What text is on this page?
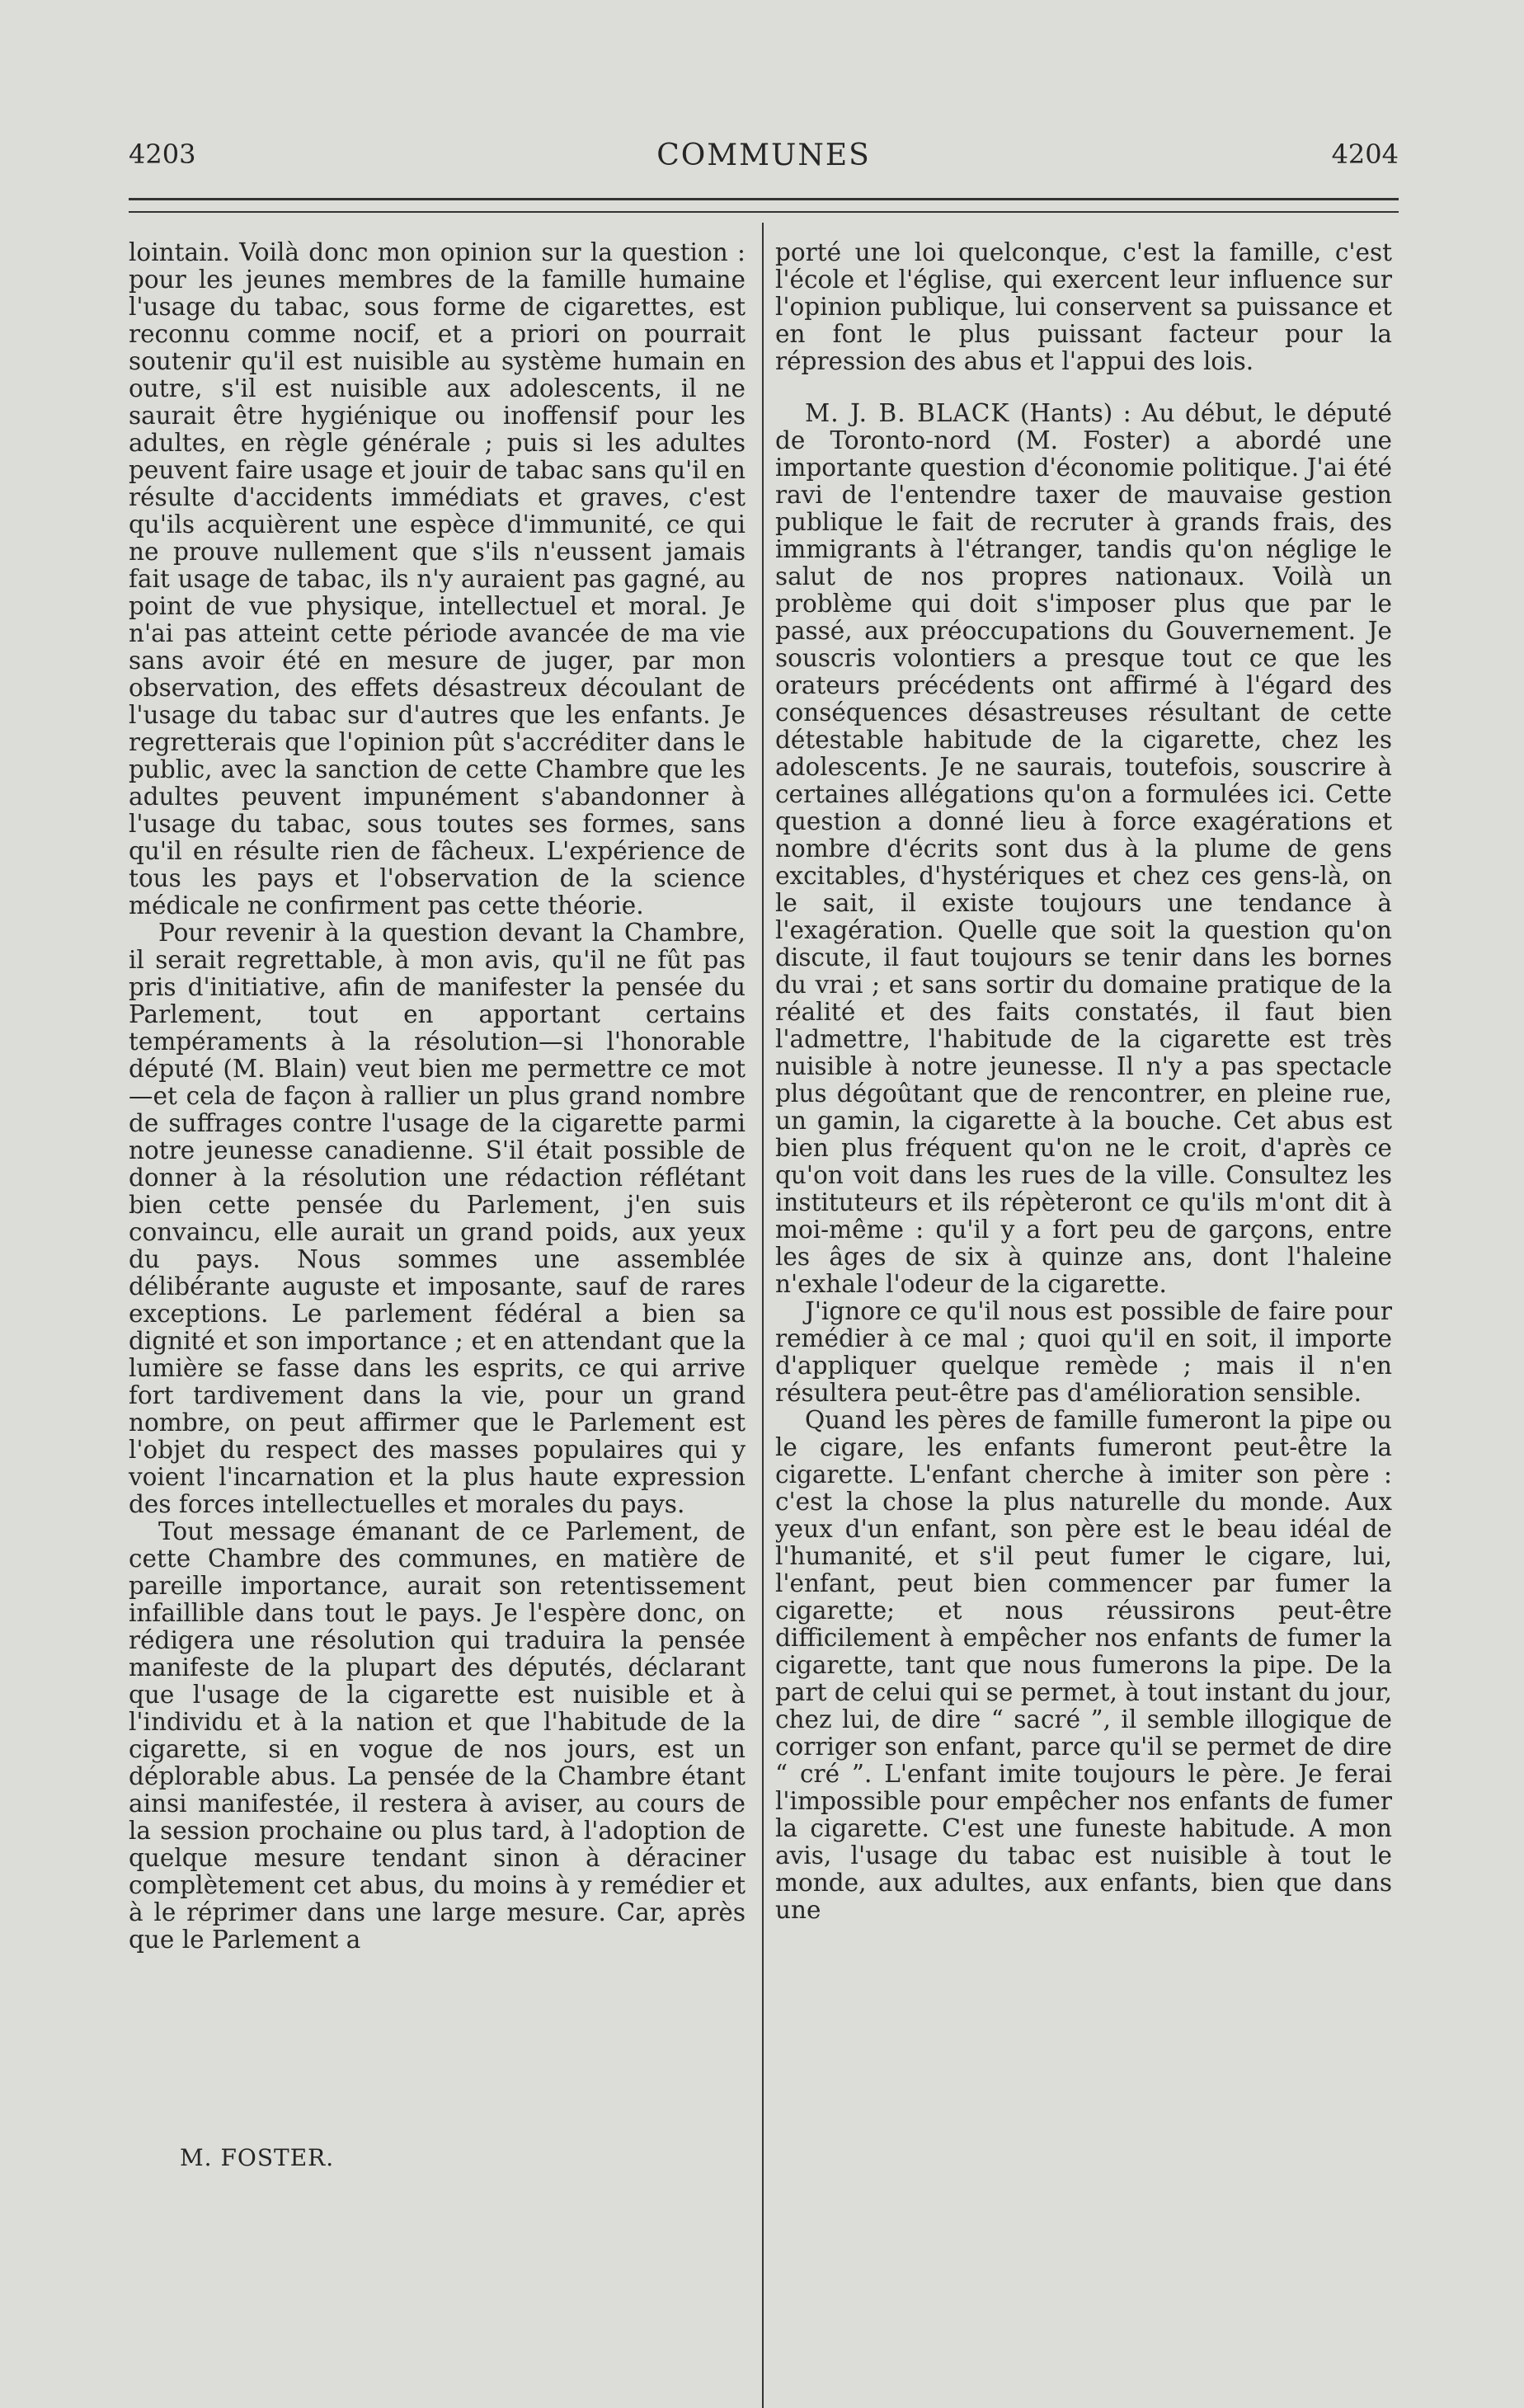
4203	COMMUNES	4204

lointain. Voilà donc mon opinion sur la question : pour les jeunes membres de la famille humaine l'usage du tabac, sous forme de cigarettes, est reconnu comme nocif, et a priori on pourrait soutenir qu'il est nuisible au système humain en outre, s'il est nuisible aux adolescents, il ne saurait être hygiénique ou inoffensif pour les adultes, en règle générale ; puis si les adultes peuvent faire usage et jouir de tabac sans qu'il en résulte d'accidents immédiats et graves, c'est qu'ils acquièrent une espèce d'immunité, ce qui ne prouve nullement que s'ils n'eussent jamais fait usage de tabac, ils n'y auraient pas gagné, au point de vue physique, intellectuel et moral. Je n'ai pas atteint cette période avancée de ma vie sans avoir été en mesure de juger, par mon observation, des effets désastreux découlant de l'usage du tabac sur d'autres que les enfants. Je regretterais que l'opinion pût s'accréditer dans le public, avec la sanction de cette Chambre que les adultes peuvent impunément s'abandonner à l'usage du tabac, sous toutes ses formes, sans qu'il en résulte rien de fâcheux. L'expérience de tous les pays et l'observation de la science médicale ne confirment pas cette théorie.

Pour revenir à la question devant la Chambre, il serait regrettable, à mon avis, qu'il ne fût pas pris d'initiative, afin de manifester la pensée du Parlement, tout en apportant certains tempéraments à la résolution—si l'honorable député (M. Blain) veut bien me permettre ce mot—et cela de façon à rallier un plus grand nombre de suffrages contre l'usage de la cigarette parmi notre jeunesse canadienne. S'il était possible de donner à la résolution une rédaction réflétant bien cette pensée du Parlement, j'en suis convaincu, elle aurait un grand poids, aux yeux du pays. Nous sommes une assemblée délibérante auguste et imposante, sauf de rares exceptions. Le parlement fédéral a bien sa dignité et son importance ; et en attendant que la lumière se fasse dans les esprits, ce qui arrive fort tardivement dans la vie, pour un grand nombre, on peut affirmer que le Parlement est l'objet du respect des masses populaires qui y voient l'incarnation et la plus haute expression des forces intellectuelles et morales du pays.

Tout message émanant de ce Parlement, de cette Chambre des communes, en matière de pareille importance, aurait son retentissement infaillible dans tout le pays. Je l'espère donc, on rédigera une résolution qui traduira la pensée manifeste de la plupart des députés, déclarant que l'usage de la cigarette est nuisible et à l'individu et à la nation et que l'habitude de la cigarette, si en vogue de nos jours, est un déplorable abus. La pensée de la Chambre étant ainsi manifestée, il restera à aviser, au cours de la session prochaine ou plus tard, à l'adoption de quelque mesure tendant sinon à déraciner complètement cet abus, du moins à y remédier et à le réprimer dans une large mesure. Car, après que le Parlement a

porté une loi quelconque, c'est la famille, c'est l'école et l'église, qui exercent leur influence sur l'opinion publique, lui conservent sa puissance et en font le plus puissant facteur pour la répression des abus et l'appui des lois.

M. J. B. BLACK (Hants) : Au début, le député de Toronto-nord (M. Foster) a abordé une importante question d'économie politique. J'ai été ravi de l'entendre taxer de mauvaise gestion publique le fait de recruter à grands frais, des immigrants à l'étranger, tandis qu'on néglige le salut de nos propres nationaux. Voilà un problème qui doit s'imposer plus que par le passé, aux préoccupations du Gouvernement. Je souscris volontiers a presque tout ce que les orateurs précédents ont affirmé à l'égard des conséquences désastreuses résultant de cette détestable habitude de la cigarette, chez les adolescents. Je ne saurais, toutefois, souscrire à certaines allégations qu'on a formulées ici. Cette question a donné lieu à force exagérations et nombre d'écrits sont dus à la plume de gens excitables, d'hystériques et chez ces gens-là, on le sait, il existe toujours une tendance à l'exagération. Quelle que soit la question qu'on discute, il faut toujours se tenir dans les bornes du vrai ; et sans sortir du domaine pratique de la réalité et des faits constatés, il faut bien l'admettre, l'habitude de la cigarette est très nuisible à notre jeunesse. Il n'y a pas spectacle plus dégoûtant que de rencontrer, en pleine rue, un gamin, la cigarette à la bouche. Cet abus est bien plus fréquent qu'on ne le croit, d'après ce qu'on voit dans les rues de la ville. Consultez les instituteurs et ils répèteront ce qu'ils m'ont dit à moi-même : qu'il y a fort peu de garçons, entre les âges de six à quinze ans, dont l'haleine n'exhale l'odeur de la cigarette.

J'ignore ce qu'il nous est possible de faire pour remédier à ce mal ; quoi qu'il en soit, il importe d'appliquer quelque remède ; mais il n'en résultera peut-être pas d'amélioration sensible.

Quand les pères de famille fumeront la pipe ou le cigare, les enfants fumeront peut-être la cigarette. L'enfant cherche à imiter son père : c'est la chose la plus naturelle du monde. Aux yeux d'un enfant, son père est le beau idéal de l'humanité, et s'il peut fumer le cigare, lui, l'enfant, peut bien commencer par fumer la cigarette; et nous réussirons peut-être difficilement à empêcher nos enfants de fumer la cigarette, tant que nous fumerons la pipe. De la part de celui qui se permet, à tout instant du jour, chez lui, de dire “ sacré ”, il semble illogique de corriger son enfant, parce qu'il se permet de dire “ cré ”. L'enfant imite toujours le père. Je ferai l'impossible pour empêcher nos enfants de fumer la cigarette. C'est une funeste habitude. A mon avis, l'usage du tabac est nuisible à tout le monde, aux adultes, aux enfants, bien que dans une

M. FOSTER.
